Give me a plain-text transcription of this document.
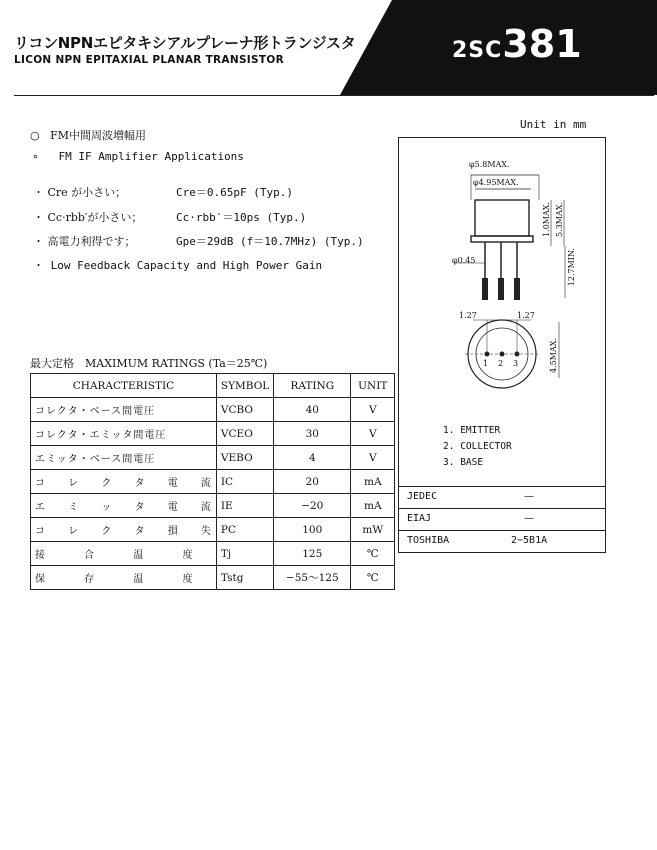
リコンNPNエピタキシアルプレーナ形トランジスタ
LICON NPN EPITAXIAL PLANAR TRANSISTOR	2SC381
Unit in mm
○ FM中間周波増幅用
∘ FM IF Amplifier Applications
・ Cre が小さい；	Cre＝0.65pF (Typ.)
・ Cc·rbb′が小さい；	Cc·rbb′＝10ps (Typ.)
・ 高電力利得です；	Gpe＝29dB (f＝10.7MHz) (Typ.)
・ Low Feedback Capacity and High Power Gain
最大定格　MAXIMUM RATINGS (Ta＝25℃)
CHARACTERISTIC	SYMBOL	RATING	UNIT
コレクタ・ベース間電圧	VCBO	40	V
コレクタ・エミッタ間電圧	VCEO	30	V
エミッタ・ベース間電圧	VEBO	4	V
コ レ ク タ 電 流	IC	20	mA
エ ミ ッ タ 電 流	IE	−20	mA
コ レ ク タ 損 失	PC	100	mW
接 合 温 度	Tj	125	℃
保 存 温 度	Tstg	−55～125	℃
φ5.8MAX.
φ4.95MAX.
1.0MAX. 5.3MAX.
φ0.45	12.7MIN.
1.27	1.27
4.5MAX.
1 2 3
1. EMITTER
2. COLLECTOR
3. BASE
JEDEC	—
EIAJ	—
TOSHIBA	2−5B1A
